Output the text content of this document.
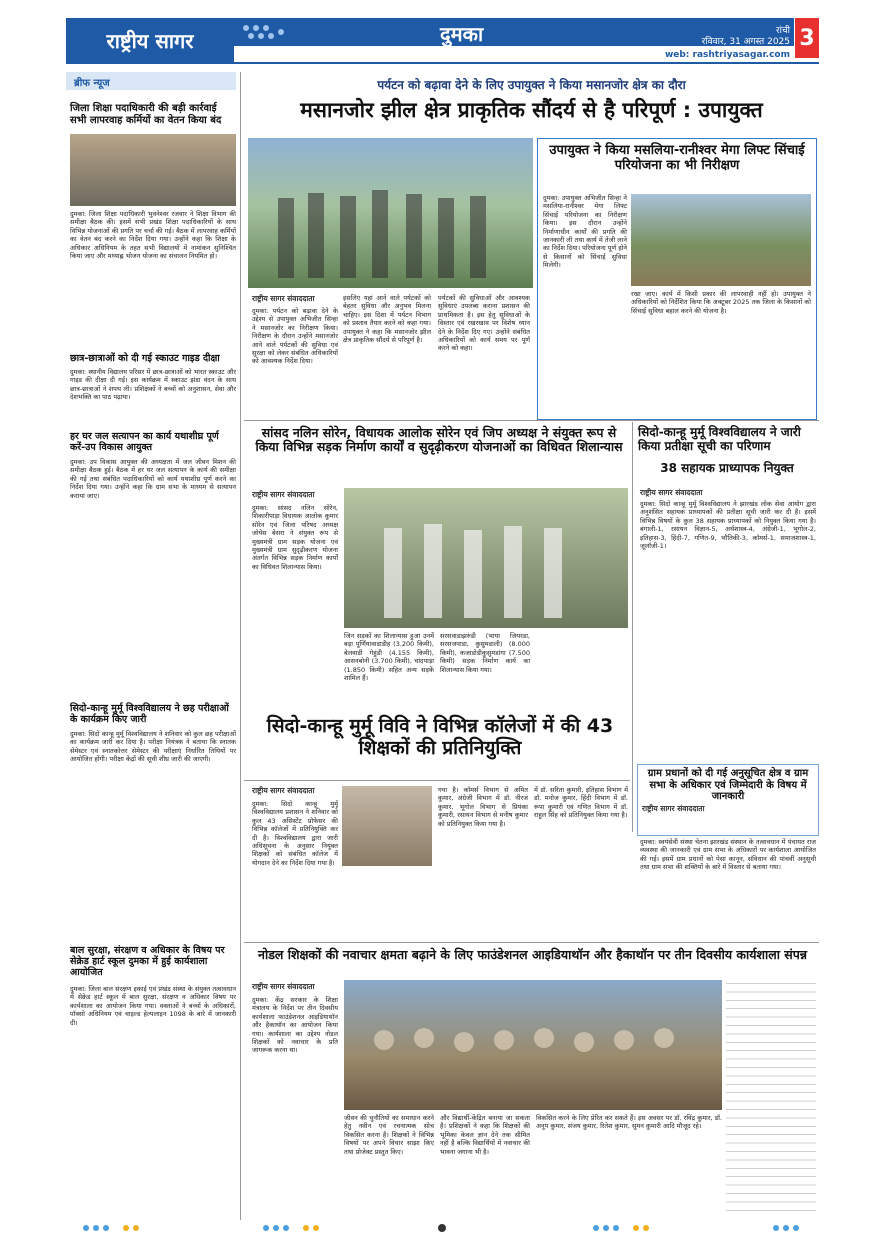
राष्ट्रीय सागर	दुमका	रांची
रविवार, 31 अगस्त 2025 3
web: rashtriyasagar.com
ब्रीफ न्यूज
जिला शिक्षा पदाधिकारी की बड़ी कार्रवाई सभी लापरवाह कर्मियों का वेतन किया बंद
दुमका: जिला शिक्षा पदाधिकारी भुवनेश्वर रजवार ने शिक्षा विभाग की समीक्षा बैठक की। इसमें सभी प्रखंड शिक्षा पदाधिकारियों के साथ विभिन्न योजनाओं की प्रगति पर चर्चा की गई। बैठक में लापरवाह कर्मियों का वेतन बंद करने का निर्देश दिया गया। उन्होंने कहा कि शिक्षा के अधिकार अधिनियम के तहत सभी विद्यालयों में नामांकन सुनिश्चित किया जाए और मध्याह्न भोजन योजना का संचालन नियमित हो।
छात्र-छात्राओं को दी गई स्काउट गाइड दीक्षा
दुमका: स्थानीय विद्यालय परिसर में छात्र-छात्राओं को भारत स्काउट और गाइड की दीक्षा दी गई। इस कार्यक्रम में स्काउट झंडा वंदन के साथ छात्र-छात्राओं ने शपथ ली। प्रशिक्षकों ने बच्चों को अनुशासन, सेवा और देशभक्ति का पाठ पढ़ाया।
हर घर जल सत्यापन का कार्य यथाशीघ्र पूर्ण करें-उप विकास आयुक्त
दुमका: उप विकास आयुक्त की अध्यक्षता में जल जीवन मिशन की समीक्षा बैठक हुई। बैठक में हर घर जल सत्यापन के कार्य की समीक्षा की गई तथा संबंधित पदाधिकारियों को कार्य यथाशीघ्र पूर्ण करने का निर्देश दिया गया। उन्होंने कहा कि ग्राम सभा के माध्यम से सत्यापन कराया जाए।
सिदो-कान्हू मुर्मू विश्वविद्यालय ने छह परीक्षाओं के कार्यक्रम किए जारी
दुमका: सिदो कान्हू मुर्मू विश्वविद्यालय ने शनिवार को कुल छह परीक्षाओं का कार्यक्रम जारी कर दिया है। परीक्षा नियंत्रक ने बताया कि स्नातक सेमेस्टर एवं स्नातकोत्तर सेमेस्टर की परीक्षाएं निर्धारित तिथियों पर आयोजित होंगी। परीक्षा केंद्रों की सूची शीघ्र जारी की जाएगी।
बाल सुरक्षा, संरक्षण व अधिकार के विषय पर सेक्रेड हार्ट स्कूल दुमका में हुई कार्यशाला आयोजित
दुमका: जिला बाल संरक्षण इकाई एवं प्रखंड संस्था के संयुक्त तत्वावधान में सेक्रेड हार्ट स्कूल में बाल सुरक्षा, संरक्षण व अधिकार विषय पर कार्यशाला का आयोजन किया गया। वक्ताओं ने बच्चों के अधिकारों, पॉक्सो अधिनियम एवं चाइल्ड हेल्पलाइन 1098 के बारे में जानकारी दी।
पर्यटन को बढ़ावा देने के लिए उपायुक्त ने किया मसानजोर क्षेत्र का दौरा
मसानजोर झील क्षेत्र प्राकृतिक सौंदर्य से है परिपूर्ण : उपायुक्त
राष्ट्रीय सागर संवाददाता
दुमका: पर्यटन को बढ़ावा देने के उद्देश्य से उपायुक्त अभिजीत सिन्हा ने मसानजोर का निरीक्षण किया। निरीक्षण के दौरान उन्होंने मसानजोर आने वाले पर्यटकों की सुविधा एवं सुरक्षा को लेकर संबंधित अधिकारियों को आवश्यक निर्देश दिया।
इसलिए यहां आने वाले पर्यटकों को बेहतर सुविधा और अनुभव मिलना चाहिए। इस दिशा में पर्यटन विभाग को प्रस्ताव तैयार करने को कहा गया। उपायुक्त ने कहा कि मसानजोर झील क्षेत्र प्राकृतिक सौंदर्य से परिपूर्ण है।
पर्यटकों की सुविधाओं और आवश्यक सुविधाएं उपलब्ध कराना प्रशासन की प्राथमिकता है। इस हेतु सुविधाओं के विस्तार एवं रखरखाव पर विशेष ध्यान देने के निर्देश दिए गए। उन्होंने संबंधित अधिकारियों को कार्य समय पर पूर्ण करने को कहा।
उपायुक्त ने किया मसलिया-रानीश्वर मेगा लिफ्ट सिंचाई परियोजना का भी निरीक्षण
दुमका: उपायुक्त अभिजीत सिन्हा ने मसलिया-रानीश्वर मेगा लिफ्ट सिंचाई परियोजना का निरीक्षण किया। इस दौरान उन्होंने निर्माणाधीन कार्यों की प्रगति की जानकारी ली तथा कार्य में तेजी लाने का निर्देश दिया। परियोजना पूर्ण होने से किसानों को सिंचाई सुविधा मिलेगी।
रखा जाए। कार्य में किसी प्रकार की लापरवाही नहीं हो। उपायुक्त ने अधिकारियों को निर्देशित किया कि अक्टूबर 2025 तक जिला के किसानों को सिंचाई सुविधा बहाल करने की योजना है।
सांसद नलिन सोरेन, विधायक आलोक सोरेन एवं जिप अध्यक्ष ने संयुक्त रूप से किया विभिन्न सड़क निर्माण कार्यों व सुदृढ़ीकरण योजनाओं का विधिवत शिलान्यास
राष्ट्रीय सागर संवाददाता
दुमका: सांसद नलिन सोरेन, शिकारीपाड़ा विधायक आलोक कुमार सोरेन एवं जिला परिषद अध्यक्ष जोयेस बेसरा ने संयुक्त रूप से मुख्यमंत्री ग्राम सड़क योजना एवं मुख्यमंत्री ग्राम सुदृढ़ीकरण योजना अंतर्गत विभिन्न सड़क निर्माण कार्यों का विधिवत शिलान्यास किया।
जिन सड़कों का शिलान्यास हुआ उनमें बड़ा पूर्णियावाडाडीह (3.200 किमी), बेलवाडी गेहुंडी (4.155 किमी), आसनबोनी (3.700 किमी), चांदपाड़ा (1.850 किमी) सहित अन्य सड़कें शामिल हैं।
सरसवाडाझरुंडी (भाया जियरडा, सरसजपाडा, कुसुमडाली) (8.000 किमी), कजाडोडीकुसुमडांगा (7.500 किमी) सड़क निर्माण कार्य का शिलान्यास किया गया।
सिदो-कान्हू मुर्मू विश्वविद्यालय ने जारी किया प्रतीक्षा सूची का परिणाम
38 सहायक प्राध्यापक नियुक्त
राष्ट्रीय सागर संवाददाता
दुमका: सिदो कान्हू मुर्मू विश्वविद्यालय ने झारखंड लोक सेवा आयोग द्वारा अनुशंसित सहायक प्राध्यापकों की प्रतीक्षा सूची जारी कर दी है। इसमें विभिन्न विषयों के कुल 38 सहायक प्राध्यापकों को नियुक्त किया गया है। बंगाली-1, रसायन विज्ञान-5, अर्थशास्त्र-4, अंग्रेजी-1, भूगोल-2, इतिहास-3, हिंदी-7, गणित-9, भौतिकी-3, कॉमर्स-1, समाजशास्त्र-1, जूलॉजी-1।
ग्राम प्रधानों को दी गई अनुसूचित क्षेत्र व ग्राम सभा के अधिकार एवं जिम्मेदारी के विषय में जानकारी
सिदो-कान्हू मुर्मू विवि ने विभिन्न कॉलेजों में की 43 शिक्षकों की प्रतिनियुक्ति
राष्ट्रीय सागर संवाददाता
दुमका: सिदो कान्हू मुर्मू विश्वविद्यालय प्रशासन ने शनिवार को कुल 43 असिस्टेंट प्रोफेसर की विभिन्न कॉलेजों में प्रतिनियुक्ति कर दी है। विश्वविद्यालय द्वारा जारी अधिसूचना के अनुसार नियुक्त शिक्षकों को संबंधित कॉलेज में योगदान देने का निर्देश दिया गया है।
गया है। कॉमर्स विभाग से अमित कुमार, अंग्रेजी विभाग में डॉ. नीरज कुमार, भूगोल विभाग से प्रियंका कुमारी, रसायन विभाग से मनीष कुमार को प्रतिनियुक्त किया गया है।
में डॉ. सरिता कुमारी, इतिहास विभाग में डॉ. मनोज कुमार, हिंदी विभाग में डॉ. रूपा कुमारी एवं गणित विभाग में डॉ. राहुल सिंह को प्रतिनियुक्त किया गया है।
राष्ट्रीय सागर संवाददाता
दुमका: स्वयंसेवी संस्था चेतना झारखंड संस्थान के तत्वावधान में पंचायत राज व्यवस्था की जानकारी एवं ग्राम सभा के अधिकारों पर कार्यशाला आयोजित की गई। इसमें ग्राम प्रधानों को पेसा कानून, संविधान की पांचवीं अनुसूची तथा ग्राम सभा की शक्तियों के बारे में विस्तार से बताया गया।
नोडल शिक्षकों की नवाचार क्षमता बढ़ाने के लिए फाउंडेशनल आइडियाथॉन और हैकाथॉन पर तीन दिवसीय कार्यशाला संपन्न
राष्ट्रीय सागर संवाददाता
दुमका: केंद्र सरकार के शिक्षा मंत्रालय के निर्देश पर तीन दिवसीय कार्यशाला फाउंडेशनल आइडियाथॉन और हैकाथॉन का आयोजन किया गया। कार्यशाला का उद्देश्य नोडल शिक्षकों को नवाचार के प्रति जागरूक करना था।
जीवन की चुनौतियों का समाधान करने हेतु नवीन एवं रचनात्मक सोच विकसित करना है। शिक्षकों ने विभिन्न विषयों पर अपने विचार साझा किए तथा प्रोजेक्ट प्रस्तुत किए।
और विद्यार्थी-केंद्रित बनाया जा सकता है। प्रशिक्षकों ने कहा कि शिक्षकों की भूमिका केवल ज्ञान देने तक सीमित नहीं है बल्कि विद्यार्थियों में नवाचार की भावना जगाना भी है।
विकसित करने के लिए प्रेरित कर सकते हैं। इस अवसर पर डॉ. रविंद्र कुमार, डॉ. अनूप कुमार, संजय कुमार, रितेश कुमार, सुमन कुमारी आदि मौजूद रहे।
